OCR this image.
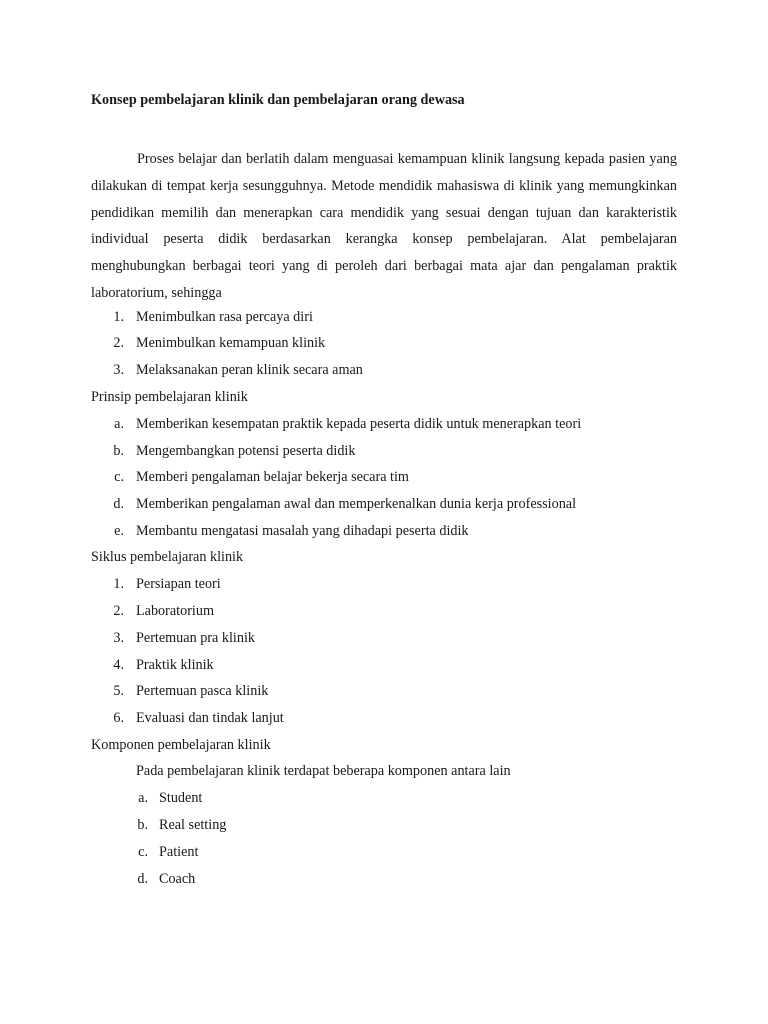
Konsep pembelajaran klinik dan pembelajaran orang dewasa

Proses belajar dan berlatih dalam menguasai kemampuan klinik langsung kepada pasien yang dilakukan di tempat kerja sesungguhnya. Metode mendidik mahasiswa di klinik yang memungkinkan pendidikan memilih dan menerapkan cara mendidik yang sesuai dengan tujuan dan karakteristik individual peserta didik berdasarkan kerangka konsep pembelajaran. Alat pembelajaran menghubungkan berbagai teori yang di peroleh dari berbagai mata ajar dan pengalaman praktik laboratorium, sehingga

1. Menimbulkan rasa percaya diri
2. Menimbulkan kemampuan klinik
3. Melaksanakan peran klinik secara aman
Prinsip pembelajaran klinik
a. Memberikan kesempatan praktik kepada peserta didik untuk menerapkan teori
b. Mengembangkan potensi peserta didik
c. Memberi pengalaman belajar bekerja secara tim
d. Memberikan pengalaman awal dan memperkenalkan dunia kerja professional
e. Membantu mengatasi masalah yang dihadapi peserta didik
Siklus pembelajaran klinik
1. Persiapan teori
2. Laboratorium
3. Pertemuan pra klinik
4. Praktik klinik
5. Pertemuan pasca klinik
6. Evaluasi dan tindak lanjut
Komponen pembelajaran klinik
Pada pembelajaran klinik terdapat beberapa komponen antara lain
a. Student
b. Real setting
c. Patient
d. Coach
